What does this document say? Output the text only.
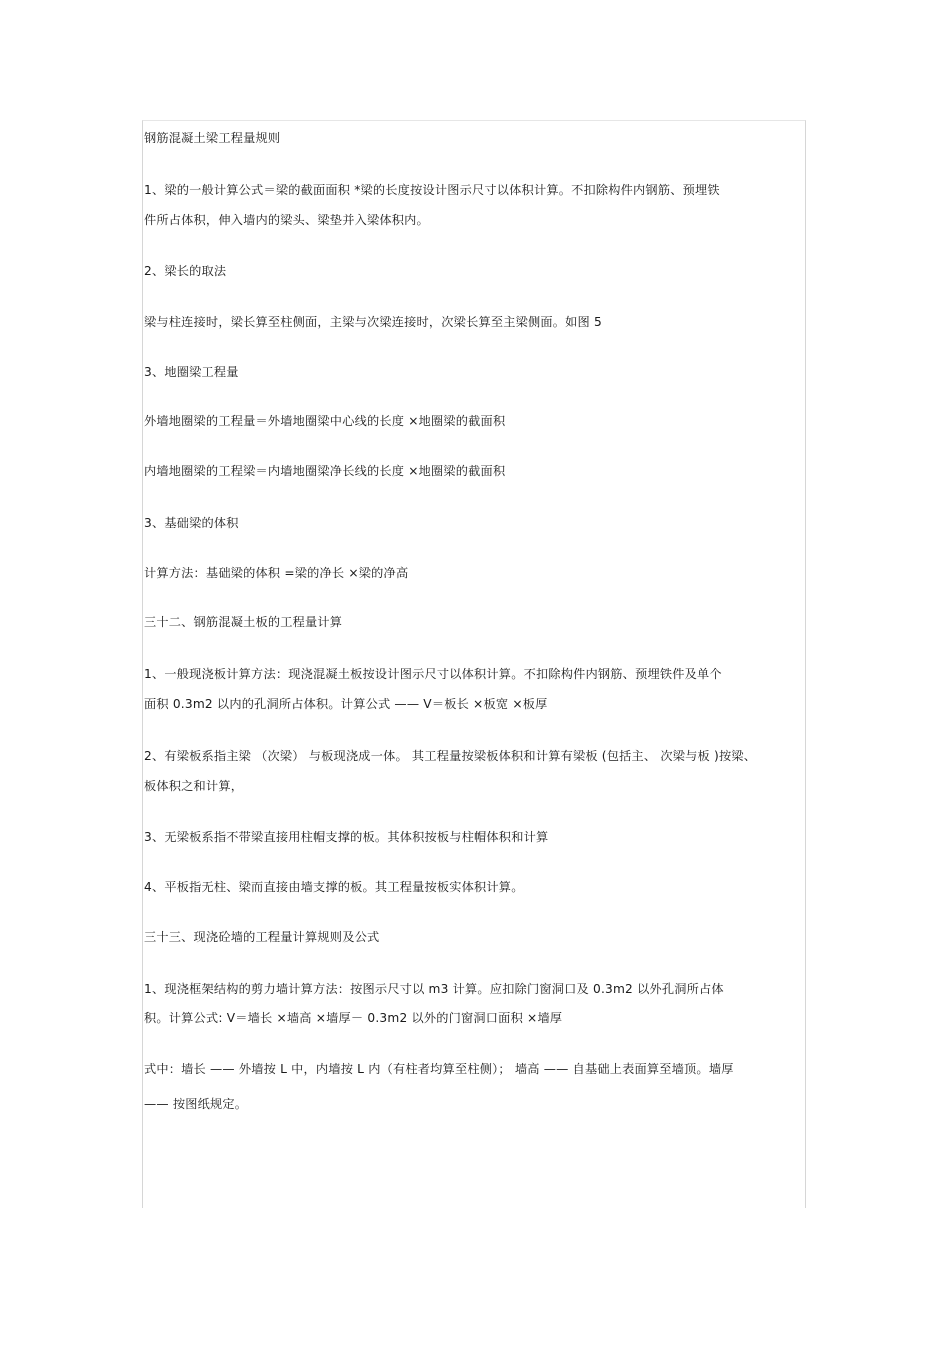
钢筋混凝土梁工程量规则
1、梁的一般计算公式＝梁的截面面积 *梁的长度按设计图示尺寸以体积计算。不扣除构件内钢筋、预埋铁
件所占体积，伸入墙内的梁头、梁垫并入梁体积内。
2、梁长的取法
梁与柱连接时，梁长算至柱侧面，主梁与次梁连接时，次梁长算至主梁侧面。如图 5
3、地圈梁工程量
外墙地圈梁的工程量＝外墙地圈梁中心线的长度 ×地圈梁的截面积
内墙地圈梁的工程梁＝内墙地圈梁净长线的长度 ×地圈梁的截面积
3、基础梁的体积
计算方法：基础梁的体积 =梁的净长 ×梁的净高
三十二、钢筋混凝土板的工程量计算
1、一般现浇板计算方法：现浇混凝土板按设计图示尺寸以体积计算。不扣除构件内钢筋、预埋铁件及单个
面积 0.3m2 以内的孔洞所占体积。计算公式 —— V＝板长 ×板宽 ×板厚
2、有梁板系指主梁 （次梁） 与板现浇成一体。 其工程量按梁板体积和计算有梁板 (包括主、 次梁与板 )按梁、
板体积之和计算，
3、无梁板系指不带梁直接用柱帽支撑的板。其体积按板与柱帽体积和计算
4、平板指无柱、梁而直接由墙支撑的板。其工程量按板实体积计算。
三十三、现浇砼墙的工程量计算规则及公式
1、现浇框架结构的剪力墙计算方法：按图示尺寸以 m3 计算。应扣除门窗洞口及 0.3m2 以外孔洞所占体
积。计算公式: V＝墙长 ×墙高 ×墙厚－ 0.3m2 以外的门窗洞口面积 ×墙厚
式中：墙长 —— 外墙按 L 中，内墙按 L 内（有柱者均算至柱侧）； 墙高 —— 自基础上表面算至墙顶。墙厚
—— 按图纸规定。
